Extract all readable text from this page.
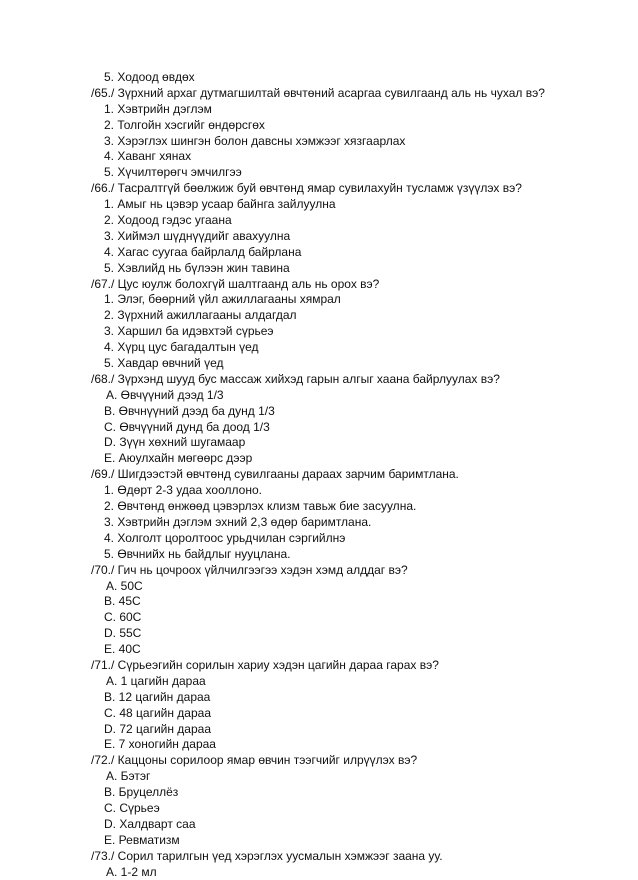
5. Ходоод өвдөх
/65./ Зүрхний архаг дутмагшилтай өвчтөний асаргаа сувилгаанд аль нь чухал вэ?
1. Хэвтрийн дэглэм
2. Толгойн хэсгийг өндөрсгөх
3. Хэрэглэх шингэн болон давсны хэмжээг хязгаарлах
4. Хаванг хянах
5. Хүчилтөрөгч эмчилгээ
/66./ Тасралтгүй бөөлжиж буй өвчтөнд ямар сувилахуйн тусламж үзүүлэх вэ?
1. Амыг нь цэвэр усаар байнга зайлуулна
2. Ходоод гэдэс угаана
3. Хиймэл шүднүүдийг авахуулна
4. Хагас суугаа байрлалд байрлана
5. Хэвлийд нь бүлээн жин тавина
/67./ Цус юулж болохгүй шалтгаанд аль нь орох вэ?
1. Элэг, бөөрний үйл ажиллагааны хямрал
2. Зүрхний ажиллагааны алдагдал
3. Харшил ба идэвхтэй сүрьеэ
4. Хүрц цус багадалтын үед
5. Хавдар өвчний үед
/68./ Зүрхэнд шууд бус массаж хийхэд гарын алгыг хаана байрлуулах вэ?
A. Өвчүүний дээд 1/3
B. Өвчнүүний дээд ба дунд 1/3
C. Өвчүүний дунд ба доод 1/3
D. Зүүн хөхний шугамаар
E. Аюулхайн мөгөөрс дээр
/69./ Шигдээстэй өвчтөнд сувилгааны дараах зарчим баримтлана.
1. Өдөрт 2-3 удаа хооллоно.
2. Өвчтөнд өнжөөд цэвэрлэх клизм тавьж бие засуулна.
3. Хэвтрийн дэглэм эхний 2,3 өдөр баримтлана.
4. Холголт цоролтоос урьдчилан сэргийлнэ
5. Өвчнийх нь байдлыг нууцлана.
/70./ Гич нь цочроох үйлчилгээгээ хэдэн хэмд алддаг вэ?
A. 50C
B. 45C
C. 60C
D. 55C
E. 40C
/71./ Сүрьеэгийн сорилын хариу хэдэн цагийн дараа гарах вэ?
A. 1 цагийн дараа
B. 12 цагийн дараа
C. 48 цагийн дараа
D. 72 цагийн дараа
E. 7 хоногийн дараа
/72./ Каццоны сорилоор ямар өвчин тээгчийг илрүүлэх вэ?
A. Бэтэг
B. Бруцеллёз
C. Сүрьеэ
D. Халдварт саа
E. Ревматизм
/73./ Сорил тарилгын үед хэрэглэх уусмалын хэмжээг заана уу.
A. 1-2 мл
